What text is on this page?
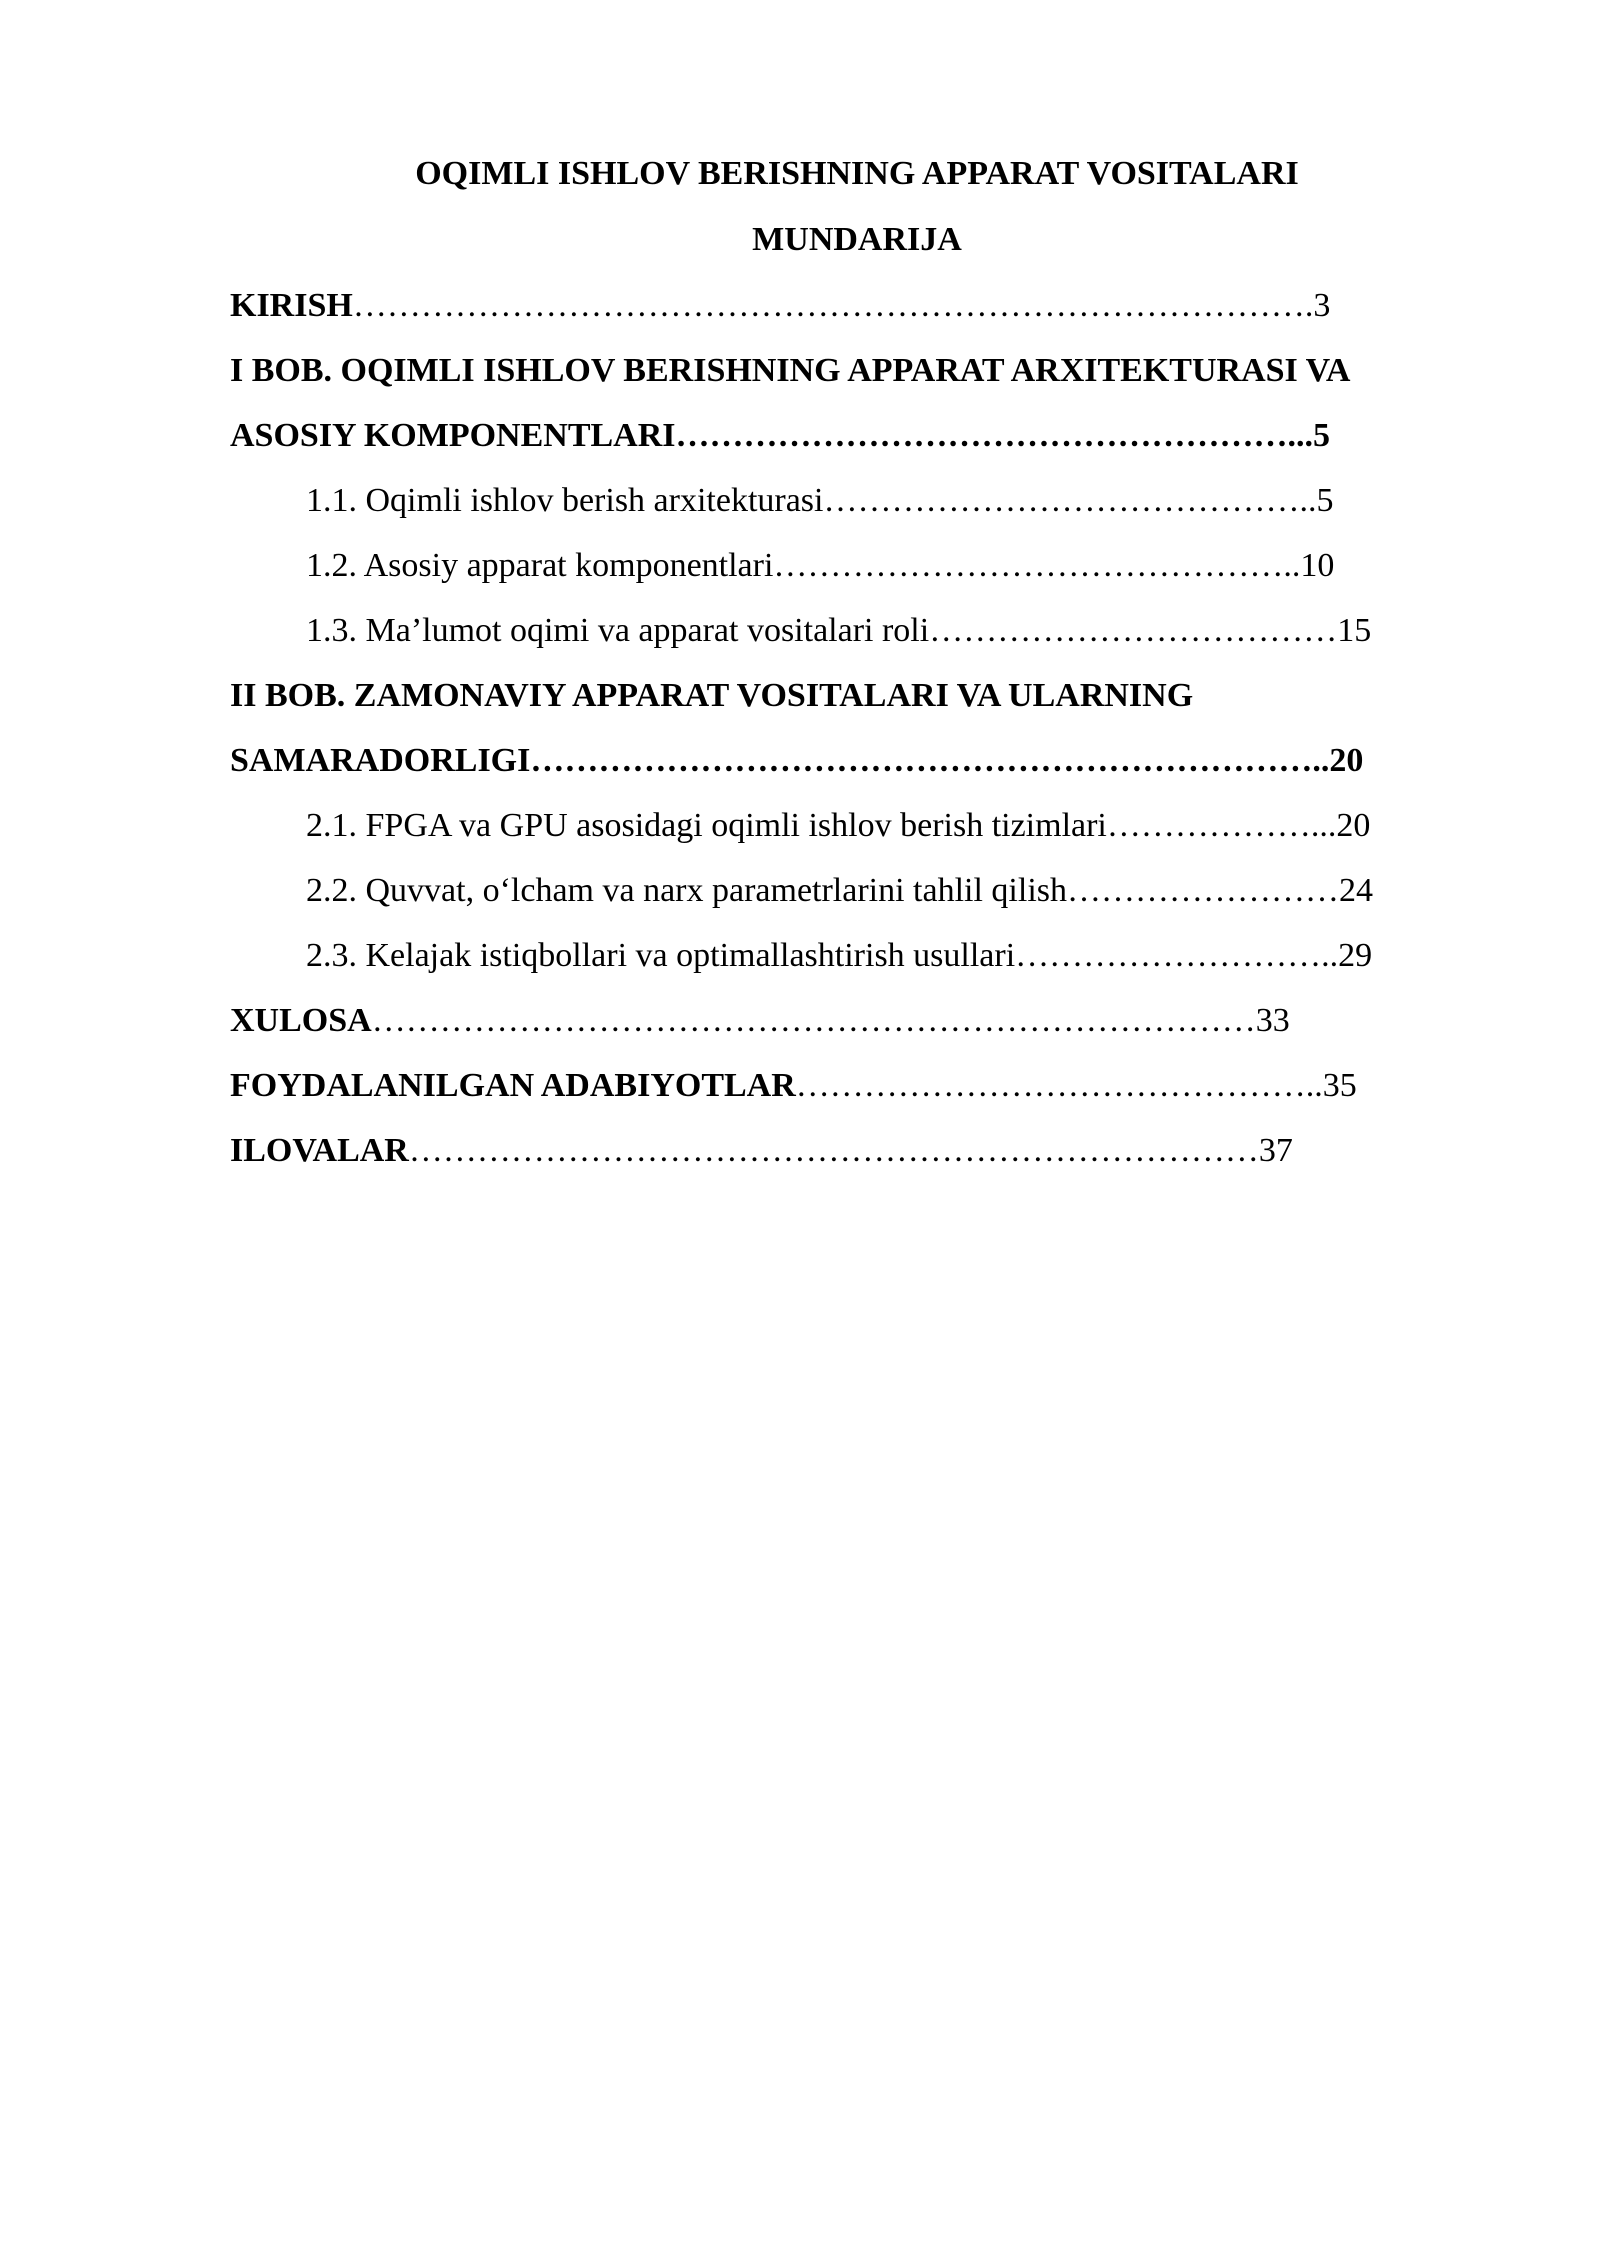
OQIMLI ISHLOV BERISHNING APPARAT VOSITALARI
MUNDARIJA
KIRISH………………………………………………………………………….3
I BOB. OQIMLI ISHLOV BERISHNING APPARAT ARXITEKTURASI VA
ASOSIY KOMPONENTLARI………………………………………………...5
1.1. Oqimli ishlov berish arxitekturasi……………………………………..5
1.2. Asosiy apparat komponentlari………………………………………..10
1.3. Ma’lumot oqimi va apparat vositalari roli………………………………15
II BOB. ZAMONAVIY APPARAT VOSITALARI VA ULARNING
SAMARADORLIGI……………………………………………………………..20
2.1. FPGA va GPU asosidagi oqimli ishlov berish tizimlari………………...20
2.2. Quvvat, o‘lcham va narx parametrlarini tahlil qilish……………………24
2.3. Kelajak istiqbollari va optimallashtirish usullari………………………..29
XULOSA……………………………………………………………………33
FOYDALANILGAN ADABIYOTLAR………………………………………..35
ILOVALAR…………………………………………………………………37
